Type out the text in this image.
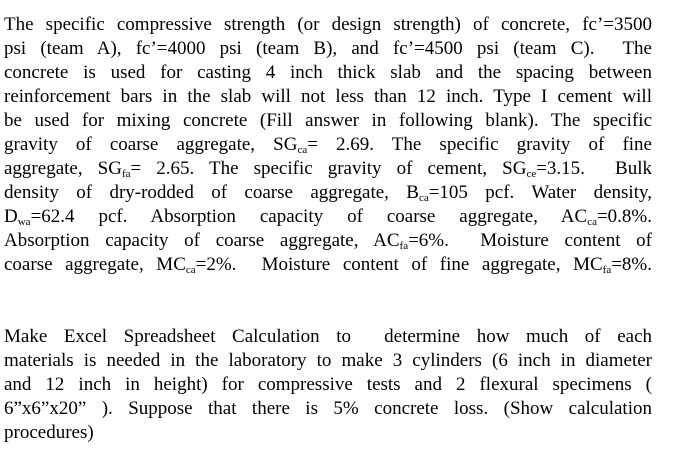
The specific compressive strength (or design strength) of concrete, fc’=3500
psi (team A), fc’=4000 psi (team B), and fc’=4500 psi (team C).  The
concrete is used for casting 4 inch thick slab and the spacing between
reinforcement bars in the slab will not less than 12 inch. Type I cement will
be used for mixing concrete (Fill answer in following blank). The specific
gravity of coarse aggregate, $SG_{ca}= 2.69$. The specific gravity of fine
aggregate, $SG_{fa}= 2.65$. The specific gravity of cement, $SG_{ce}=3.15$.  Bulk
density of dry-rodded of coarse aggregate, $B_{ca}=105$ pcf. Water density,
$D_{wa}=62.4$  pcf.  Absorption  capacity  of  coarse  aggregate,  $AC_{ca}=0.8\%$.
Absorption capacity of coarse aggregate, $AC_{fa}=6\%$.  Moisture content of
coarse aggregate, $MC_{ca}=2\%$.  Moisture content of fine aggregate, $MC_{fa}=8\%$.
Make Excel Spreadsheet Calculation to  determine how much of each
materials is needed in the laboratory to make 3 cylinders (6 inch in diameter
and 12 inch in height) for compressive tests and 2 flexural specimens (
6”x6”x20” ). Suppose that there is 5% concrete loss. (Show calculation
procedures)
